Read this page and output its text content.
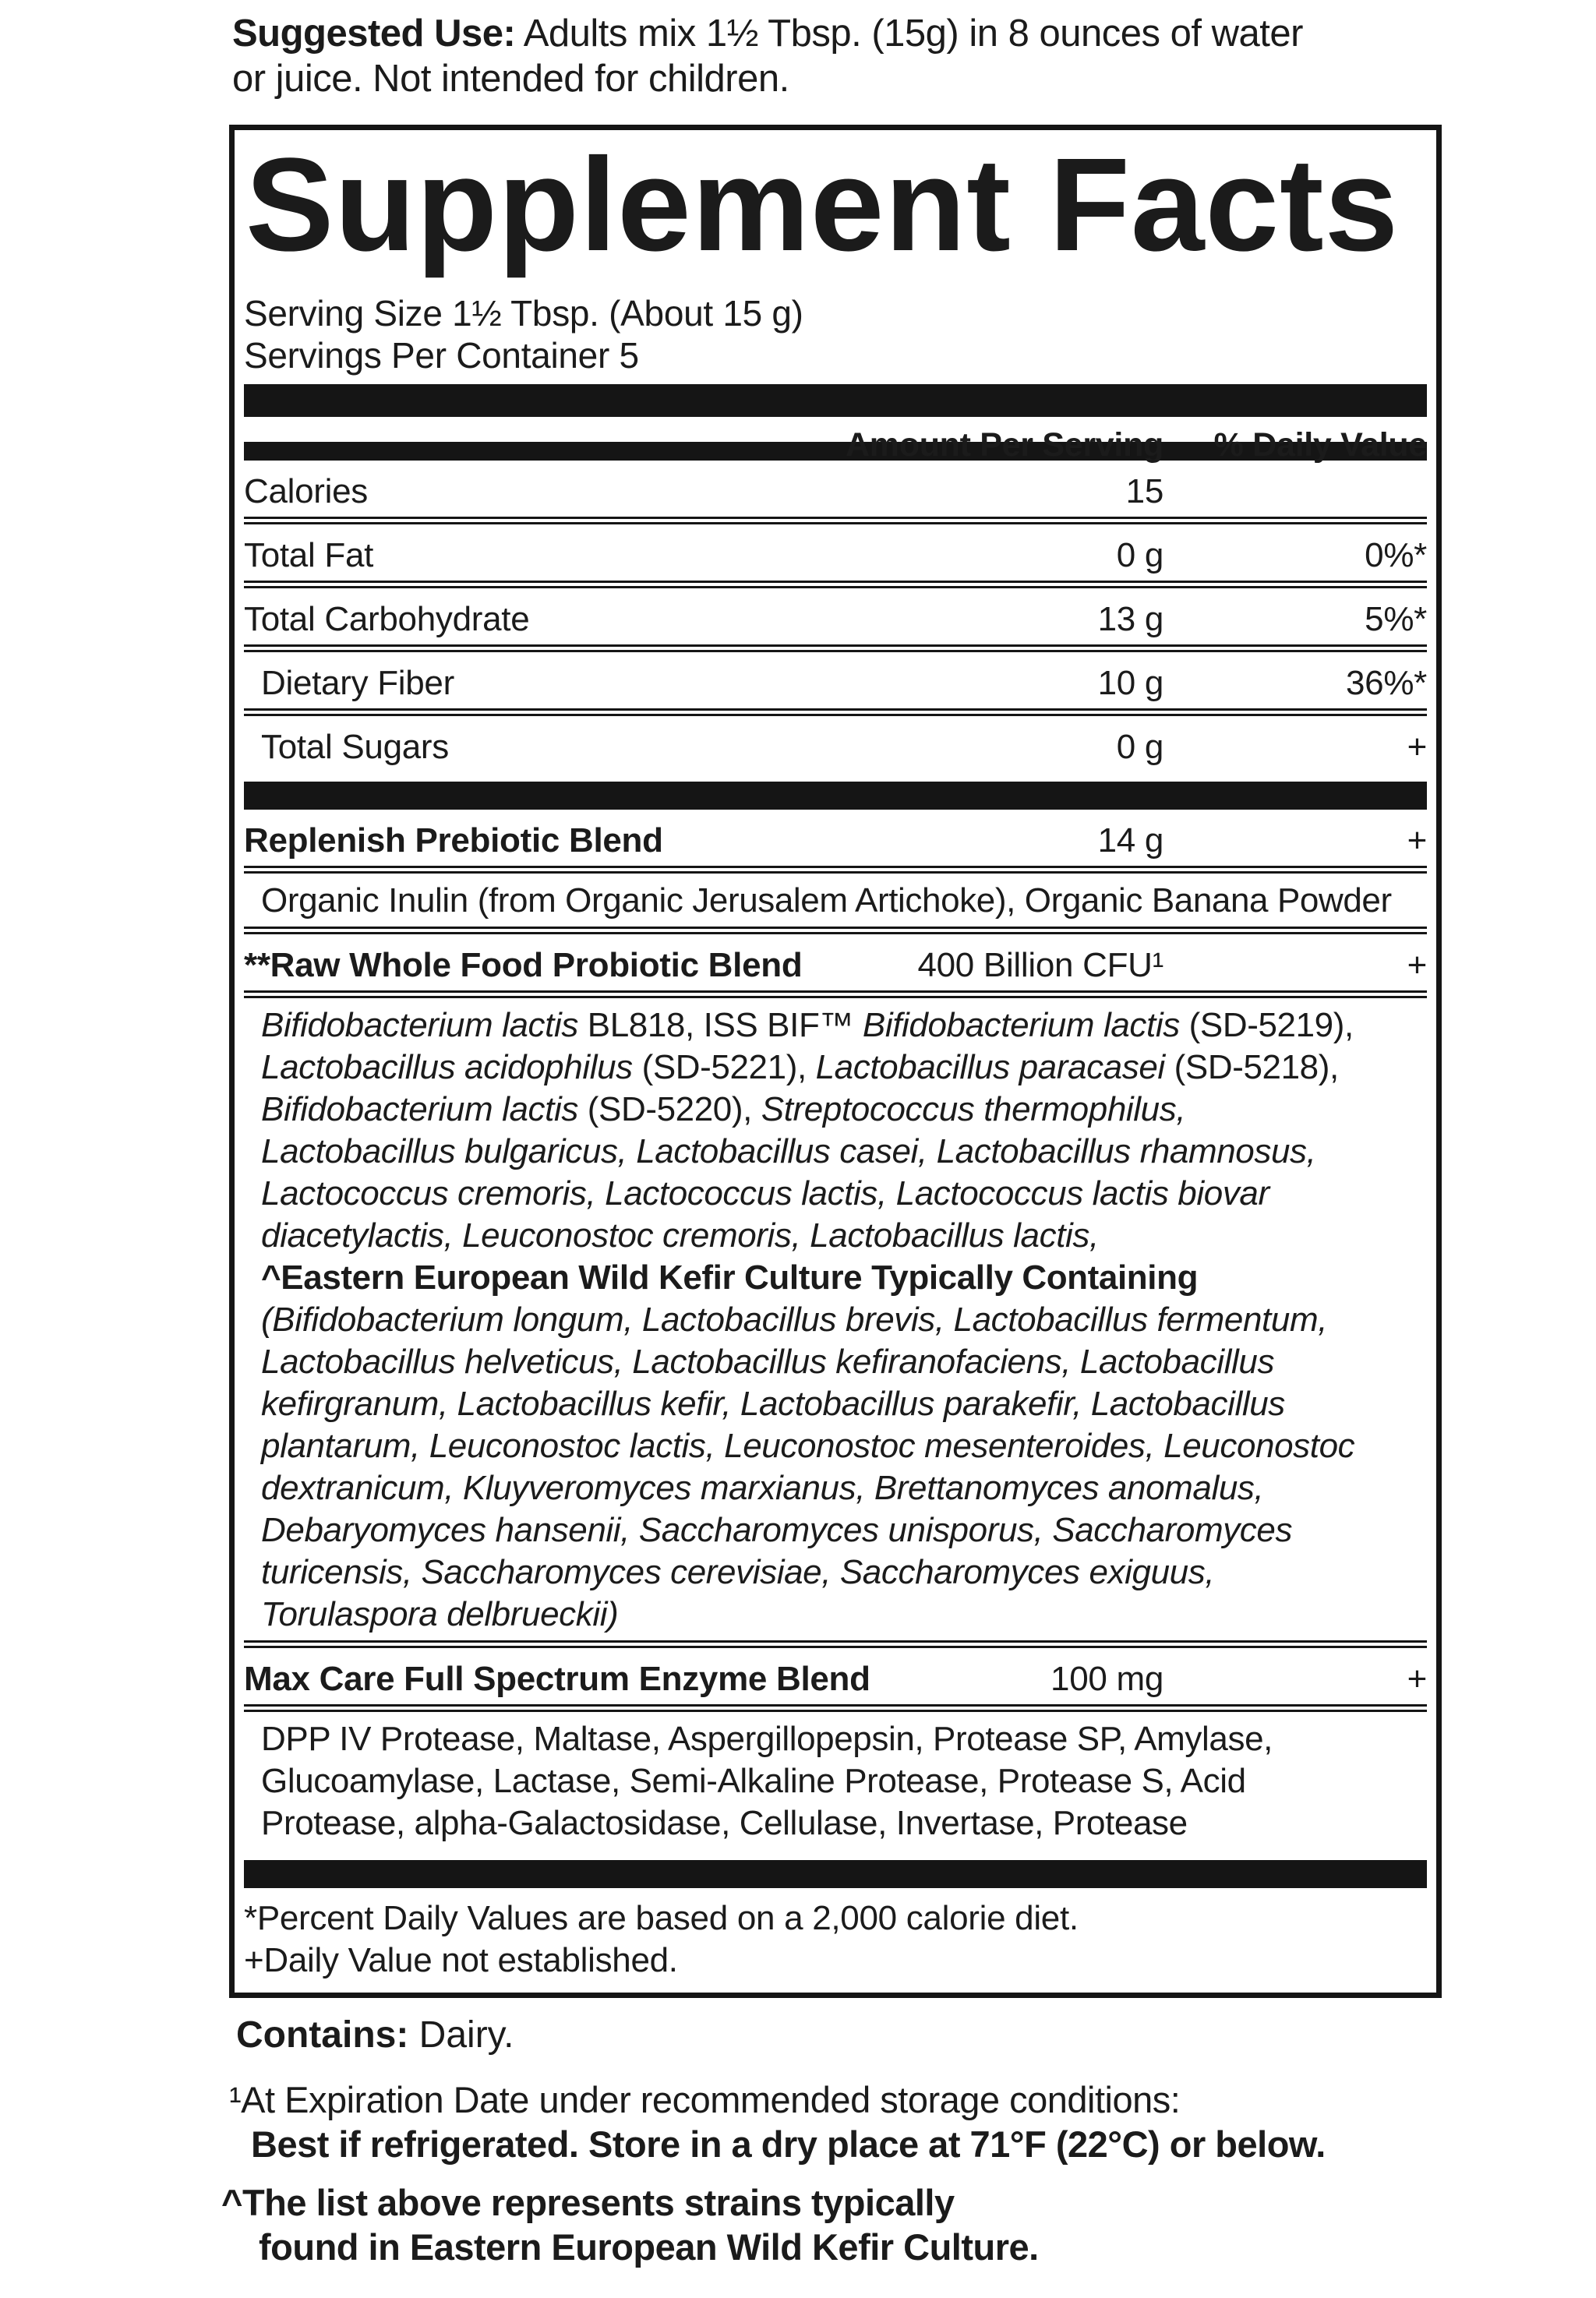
Suggested Use: Adults mix 1½ Tbsp. (15g) in 8 ounces of water
or juice. Not intended for children.
Supplement Facts
Serving Size 1½ Tbsp. (About 15 g)
Servings Per Container 5
Amount Per Serving % Daily Value
Calories	15
Total Fat	0 g	0%*
Total Carbohydrate	13 g	5%*
Dietary Fiber	10 g	36%*
Total Sugars	0 g	+
Replenish Prebiotic Blend	14 g	+
Organic Inulin (from Organic Jerusalem Artichoke), Organic Banana Powder
**Raw Whole Food Probiotic Blend	400 Billion CFU¹	+
Bifidobacterium lactis BL818, ISS BIF™ Bifidobacterium lactis (SD-5219),
Lactobacillus acidophilus (SD-5221), Lactobacillus paracasei (SD-5218),
Bifidobacterium lactis (SD-5220), Streptococcus thermophilus,
Lactobacillus bulgaricus, Lactobacillus casei, Lactobacillus rhamnosus,
Lactococcus cremoris, Lactococcus lactis, Lactococcus lactis biovar
diacetylactis, Leuconostoc cremoris, Lactobacillus lactis,
^Eastern European Wild Kefir Culture Typically Containing
(Bifidobacterium longum, Lactobacillus brevis, Lactobacillus fermentum,
Lactobacillus helveticus, Lactobacillus kefiranofaciens, Lactobacillus
kefirgranum, Lactobacillus kefir, Lactobacillus parakefir, Lactobacillus
plantarum, Leuconostoc lactis, Leuconostoc mesenteroides, Leuconostoc
dextranicum, Kluyveromyces marxianus, Brettanomyces anomalus,
Debaryomyces hansenii, Saccharomyces unisporus, Saccharomyces
turicensis, Saccharomyces cerevisiae, Saccharomyces exiguus,
Torulaspora delbrueckii)
Max Care Full Spectrum Enzyme Blend	100 mg	+
DPP IV Protease, Maltase, Aspergillopepsin, Protease SP, Amylase,
Glucoamylase, Lactase, Semi-Alkaline Protease, Protease S, Acid
Protease, alpha-Galactosidase, Cellulase, Invertase, Protease
*Percent Daily Values are based on a 2,000 calorie diet.
+Daily Value not established.
Contains: Dairy.
¹At Expiration Date under recommended storage conditions:
Best if refrigerated. Store in a dry place at 71°F (22°C) or below.
^The list above represents strains typically
found in Eastern European Wild Kefir Culture.
